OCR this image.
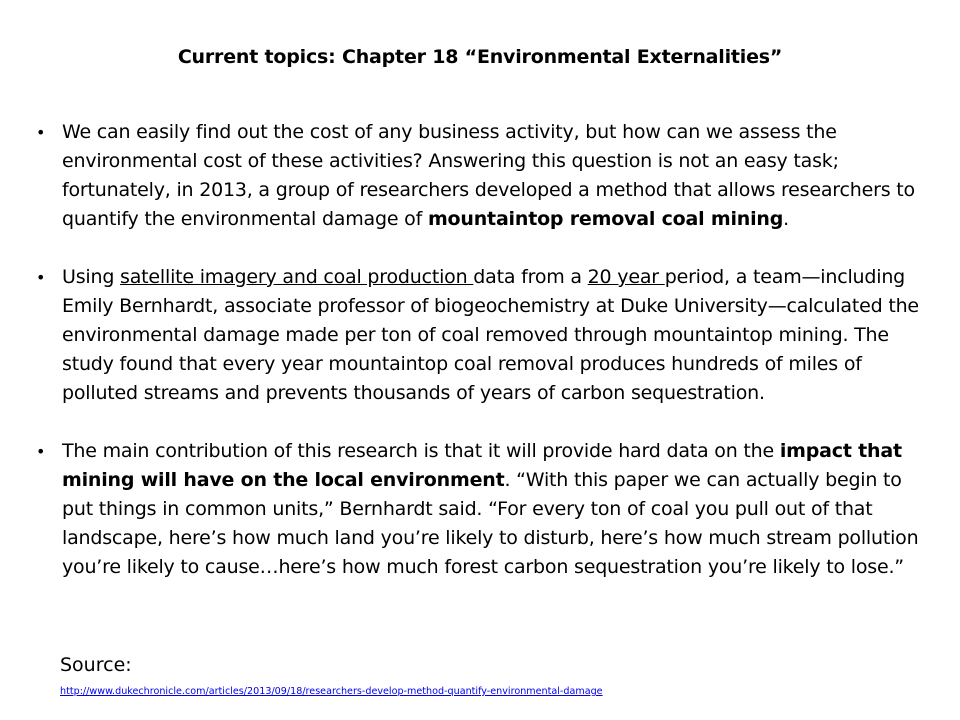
Current topics: Chapter 18 “Environmental Externalities”
• We can easily find out the cost of any business activity, but how can we assess the environmental cost of these activities? Answering this question is not an easy task; fortunately, in 2013, a group of researchers developed a method that allows researchers to quantify the environmental damage of mountaintop removal coal mining.
• Using satellite imagery and coal production data from a 20 year period, a team—including Emily Bernhardt, associate professor of biogeochemistry at Duke University—calculated the environmental damage made per ton of coal removed through mountaintop mining. The study found that every year mountaintop coal removal produces hundreds of miles of polluted streams and prevents thousands of years of carbon sequestration.
• The main contribution of this research is that it will provide hard data on the impact that mining will have on the local environment. “With this paper we can actually begin to put things in common units,” Bernhardt said. “For every ton of coal you pull out of that landscape, here’s how much land you’re likely to disturb, here’s how much stream pollution you’re likely to cause…here’s how much forest carbon sequestration you’re likely to lose.”
Source:
http://www.dukechronicle.com/articles/2013/09/18/researchers-develop-method-quantify-environmental-damage
